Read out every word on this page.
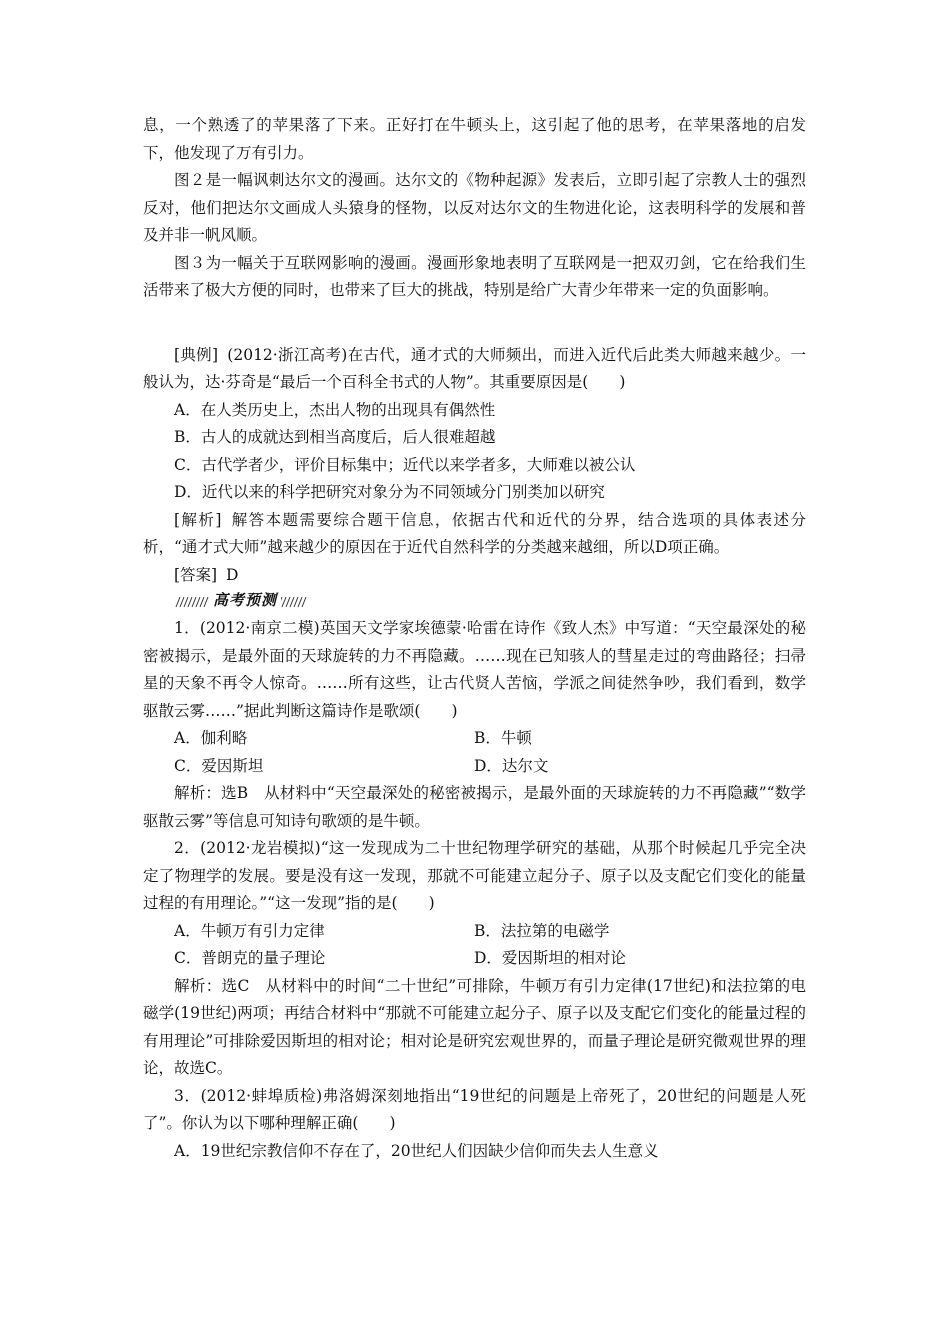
息，一个熟透了的苹果落了下来。正好打在牛顿头上，这引起了他的思考，在苹果落地的启发下，他发现了万有引力。

图２是一幅讽刺达尔文的漫画。达尔文的《物种起源》发表后，立即引起了宗教人士的强烈反对，他们把达尔文画成人头猿身的怪物，以反对达尔文的生物进化论，这表明科学的发展和普及并非一帆风顺。

图３为一幅关于互联网影响的漫画。漫画形象地表明了互联网是一把双刃剑，它在给我们生活带来了极大方便的同时，也带来了巨大的挑战，特别是给广大青少年带来一定的负面影响。

[典例] (2012·浙江高考)在古代，通才式的大师频出，而进入近代后此类大师越来越少。一般认为，达·芬奇是“最后一个百科全书式的人物”。其重要原因是(　　)

A．在人类历史上，杰出人物的出现具有偶然性

B．古人的成就达到相当高度后，后人很难超越

C．古代学者少，评价目标集中；近代以来学者多，大师难以被公认

D．近代以来的科学把研究对象分为不同领域分门别类加以研究

[解析] 解答本题需要综合题干信息，依据古代和近代的分界，结合选项的具体表述分析，“通才式大师”越来越少的原因在于近代自然科学的分类越来越细，所以D项正确。

[答案] D

高考预测

1．(2012·南京二模)英国天文学家埃德蒙·哈雷在诗作《致人杰》中写道：“天空最深处的秘密被揭示，是最外面的天球旋转的力不再隐藏。……现在已知骇人的彗星走过的弯曲路径；扫帚星的天象不再令人惊奇。……所有这些，让古代贤人苦恼，学派之间徒然争吵，我们看到，数学驱散云雾……”据此判断这篇诗作是歌颂(　　)

A．伽利略	B．牛顿
C．爱因斯坦	D．达尔文

解析：选B　从材料中“天空最深处的秘密被揭示，是最外面的天球旋转的力不再隐藏”“数学驱散云雾”等信息可知诗句歌颂的是牛顿。

2．(2012·龙岩模拟)“这一发现成为二十世纪物理学研究的基础，从那个时候起几乎完全决定了物理学的发展。要是没有这一发现，那就不可能建立起分子、原子以及支配它们变化的能量过程的有用理论。”“这一发现”指的是(　　)

A．牛顿万有引力定律	B．法拉第的电磁学
C．普朗克的量子理论	D．爱因斯坦的相对论

解析：选C　从材料中的时间“二十世纪”可排除，牛顿万有引力定律(17世纪)和法拉第的电磁学(19世纪)两项；再结合材料中“那就不可能建立起分子、原子以及支配它们变化的能量过程的有用理论”可排除爱因斯坦的相对论；相对论是研究宏观世界的，而量子理论是研究微观世界的理论，故选C。

3．(2012·蚌埠质检)弗洛姆深刻地指出“19世纪的问题是上帝死了，20世纪的问题是人死了”。你认为以下哪种理解正确(　　)

A．19世纪宗教信仰不存在了，20世纪人们因缺少信仰而失去人生意义
